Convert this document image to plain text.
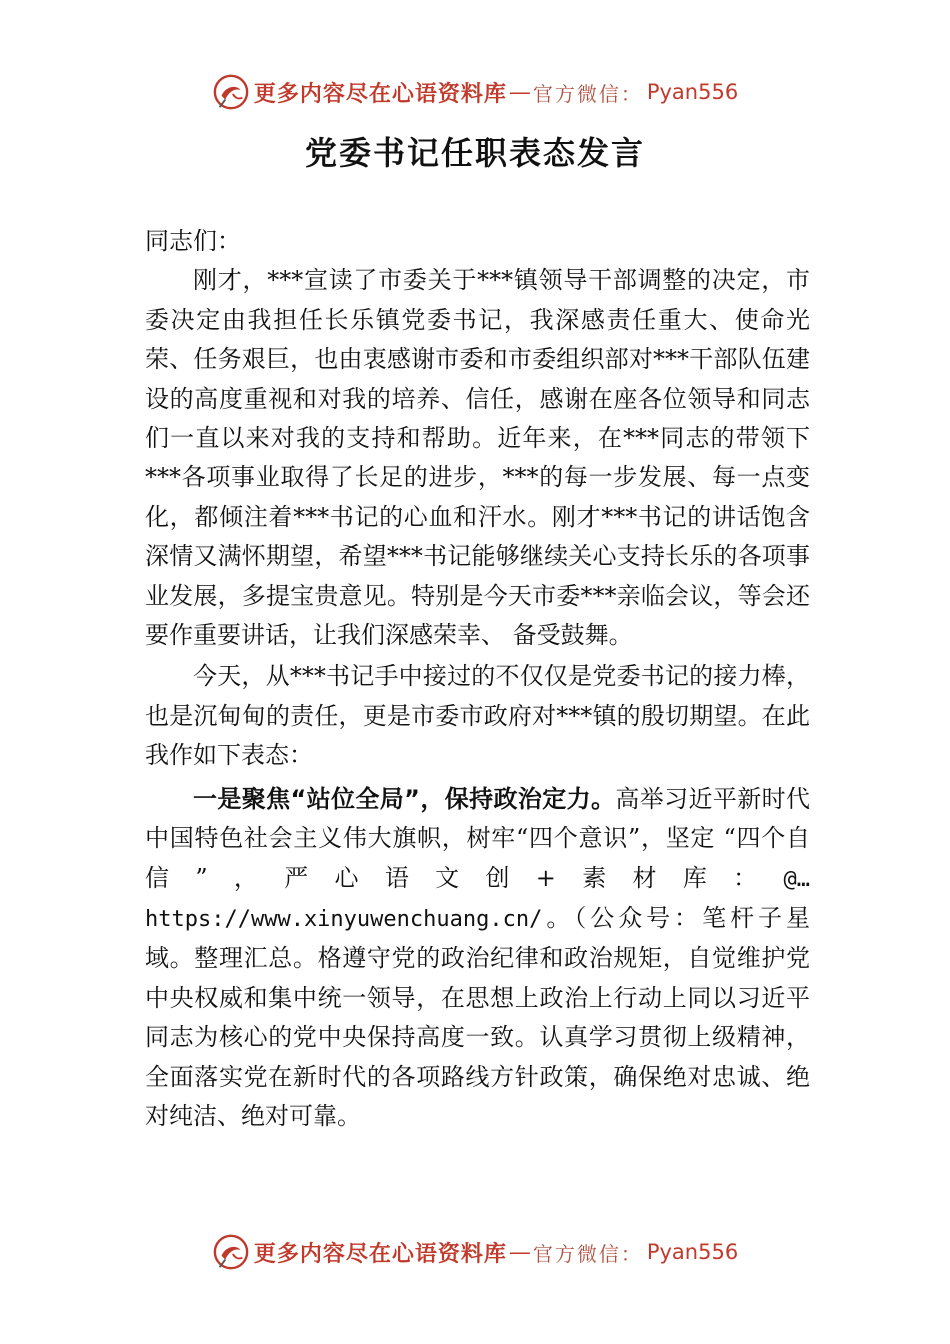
更多内容尽在心语资料库 — 官方微信： Pyan556
党委书记任职表态发言

同志们：

刚才，***宣读了市委关于***镇领导干部调整的决定，市委决定由我担任长乐镇党委书记，我深感责任重大、使命光荣、任务艰巨，也由衷感谢市委和市委组织部对***干部队伍建设的高度重视和对我的培养、信任，感谢在座各位领导和同志们一直以来对我的支持和帮助。近年来，在***同志的带领下***各项事业取得了长足的进步，***的每一步发展、每一点变化，都倾注着***书记的心血和汗水。刚才***书记的讲话饱含深情又满怀期望，希望***书记能够继续关心支持长乐的各项事业发展，多提宝贵意见。特别是今天市委***亲临会议，等会还要作重要讲话，让我们深感荣幸、 备受鼓舞。

今天，从***书记手中接过的不仅仅是党委书记的接力棒，也是沉甸甸的责任，更是市委市政府对***镇的殷切期望。在此我作如下表态：

一是聚焦“站位全局”，保持政治定力。高举习近平新时代中国特色社会主义伟大旗帜，树牢“四个意识”，坚定 “四个自信”，严心语文创+素材库：@…https://www.xinyuwenchuang.cn/。（公众号：笔杆子星域。整理汇总。格遵守党的政治纪律和政治规矩，自觉维护党中央权威和集中统一领导，在思想上政治上行动上同以习近平同志为核心的党中央保持高度一致。认真学习贯彻上级精神，全面落实党在新时代的各项路线方针政策，确保绝对忠诚、绝对纯洁、绝对可靠。

更多内容尽在心语资料库 — 官方微信： Pyan556
